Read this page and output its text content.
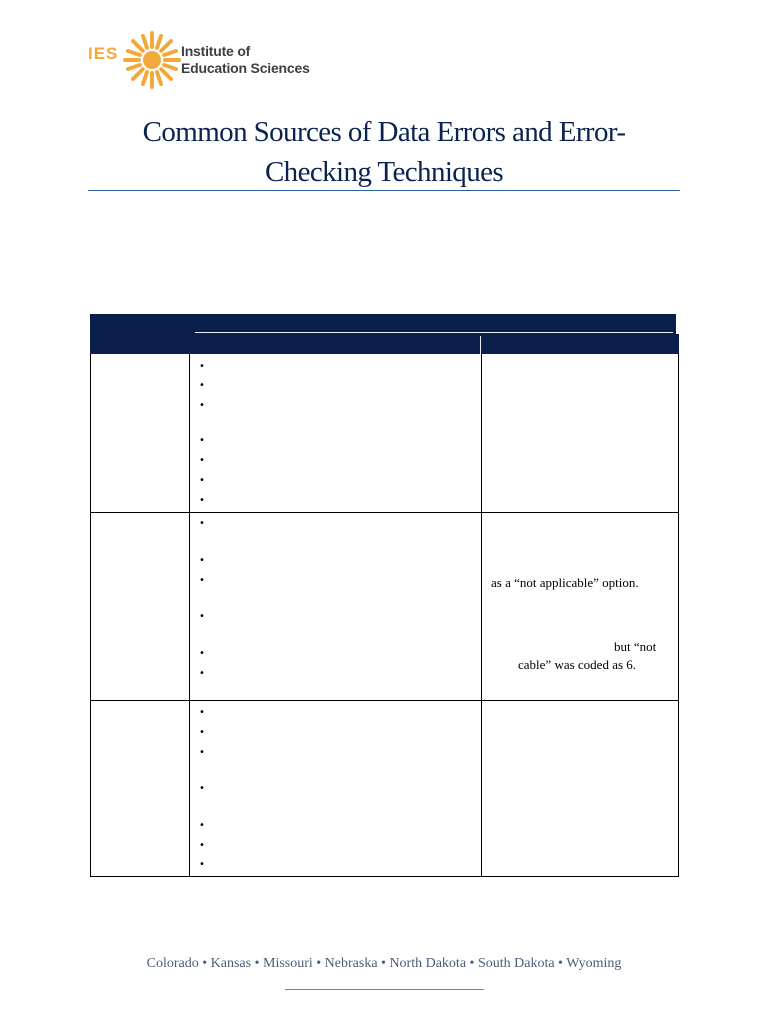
IES	Institute of
Education Sciences
Common Sources of Data Errors and Error-
Checking Techniques
•
•
•
•
•
•
•
•
•
•
•
•
•
as a “not applicable” option.
but “not
cable” was coded as 6.
•
•
•
•
•
•
•
Colorado • Kansas • Missouri • Nebraska • North Dakota • South Dakota • Wyoming
